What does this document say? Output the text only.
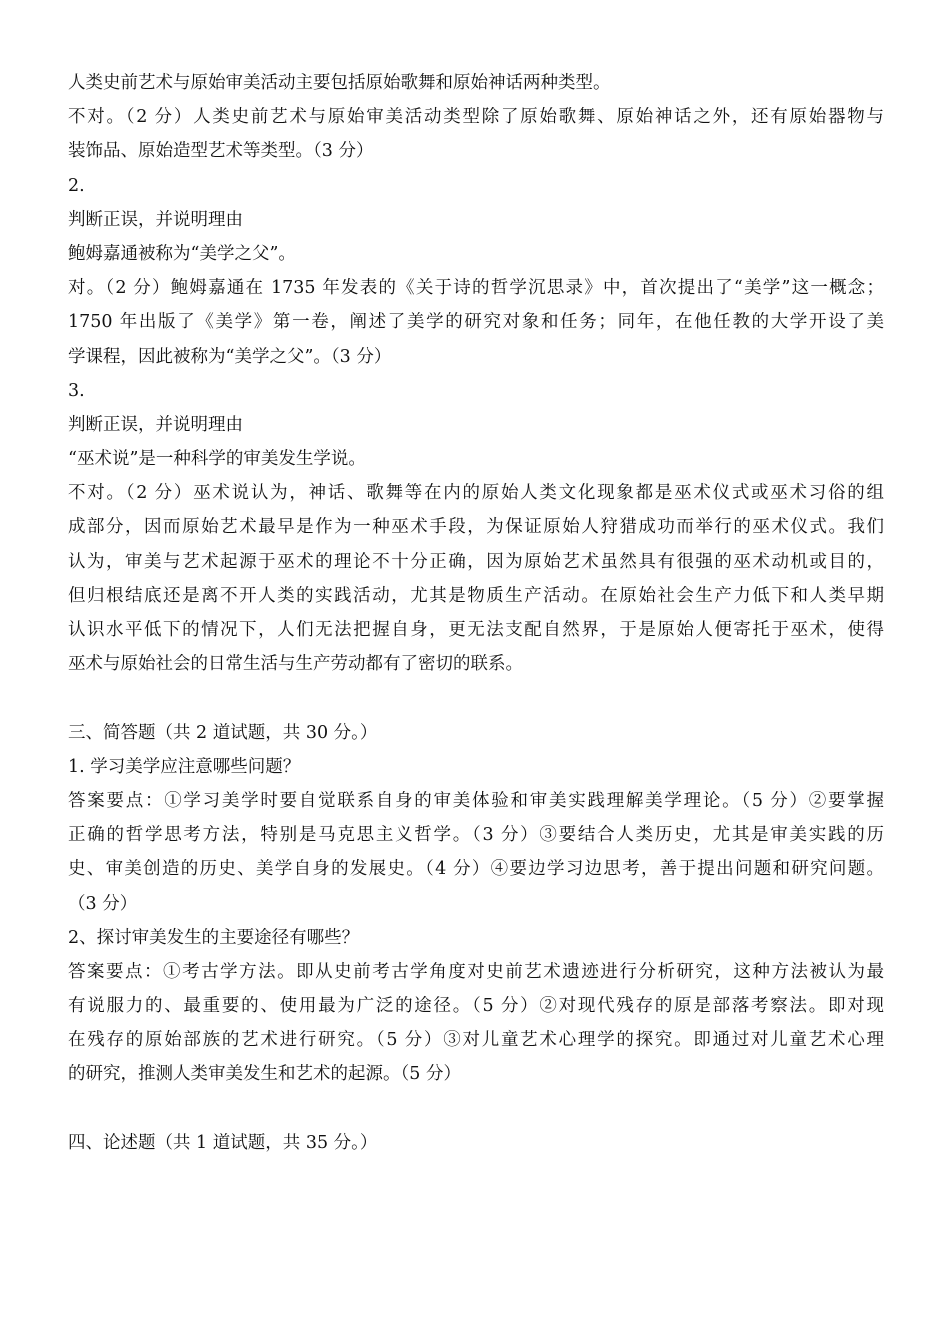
人类史前艺术与原始审美活动主要包括原始歌舞和原始神话两种类型。
不对。（2 分）人类史前艺术与原始审美活动类型除了原始歌舞、原始神话之外，还有原始器物与
装饰品、原始造型艺术等类型。（3 分）
2.
判断正误，并说明理由
鲍姆嘉通被称为“美学之父”。
对。（2 分）鲍姆嘉通在 1735 年发表的《关于诗的哲学沉思录》中，首次提出了“美学”这一概念；
1750 年出版了《美学》第一卷，阐述了美学的研究对象和任务；同年，在他任教的大学开设了美
学课程，因此被称为“美学之父”。（3 分）
3.
判断正误，并说明理由
“巫术说”是一种科学的审美发生学说。
不对。（2 分）巫术说认为，神话、歌舞等在内的原始人类文化现象都是巫术仪式或巫术习俗的组
成部分，因而原始艺术最早是作为一种巫术手段，为保证原始人狩猎成功而举行的巫术仪式。我们
认为，审美与艺术起源于巫术的理论不十分正确，因为原始艺术虽然具有很强的巫术动机或目的，
但归根结底还是离不开人类的实践活动，尤其是物质生产活动。在原始社会生产力低下和人类早期
认识水平低下的情况下，人们无法把握自身，更无法支配自然界，于是原始人便寄托于巫术，使得
巫术与原始社会的日常生活与生产劳动都有了密切的联系。
三、简答题（共 2 道试题，共 30 分。）
1. 学习美学应注意哪些问题？
答案要点：①学习美学时要自觉联系自身的审美体验和审美实践理解美学理论。（5 分）②要掌握
正确的哲学思考方法，特别是马克思主义哲学。（3 分）③要结合人类历史，尤其是审美实践的历
史、审美创造的历史、美学自身的发展史。（4 分）④要边学习边思考，善于提出问题和研究问题。
（3 分）
2、探讨审美发生的主要途径有哪些？
答案要点：①考古学方法。即从史前考古学角度对史前艺术遗迹进行分析研究，这种方法被认为最
有说服力的、最重要的、使用最为广泛的途径。（5 分）②对现代残存的原是部落考察法。即对现
在残存的原始部族的艺术进行研究。（5 分）③对儿童艺术心理学的探究。即通过对儿童艺术心理
的研究，推测人类审美发生和艺术的起源。（5 分）
四、论述题（共 1 道试题，共 35 分。）
